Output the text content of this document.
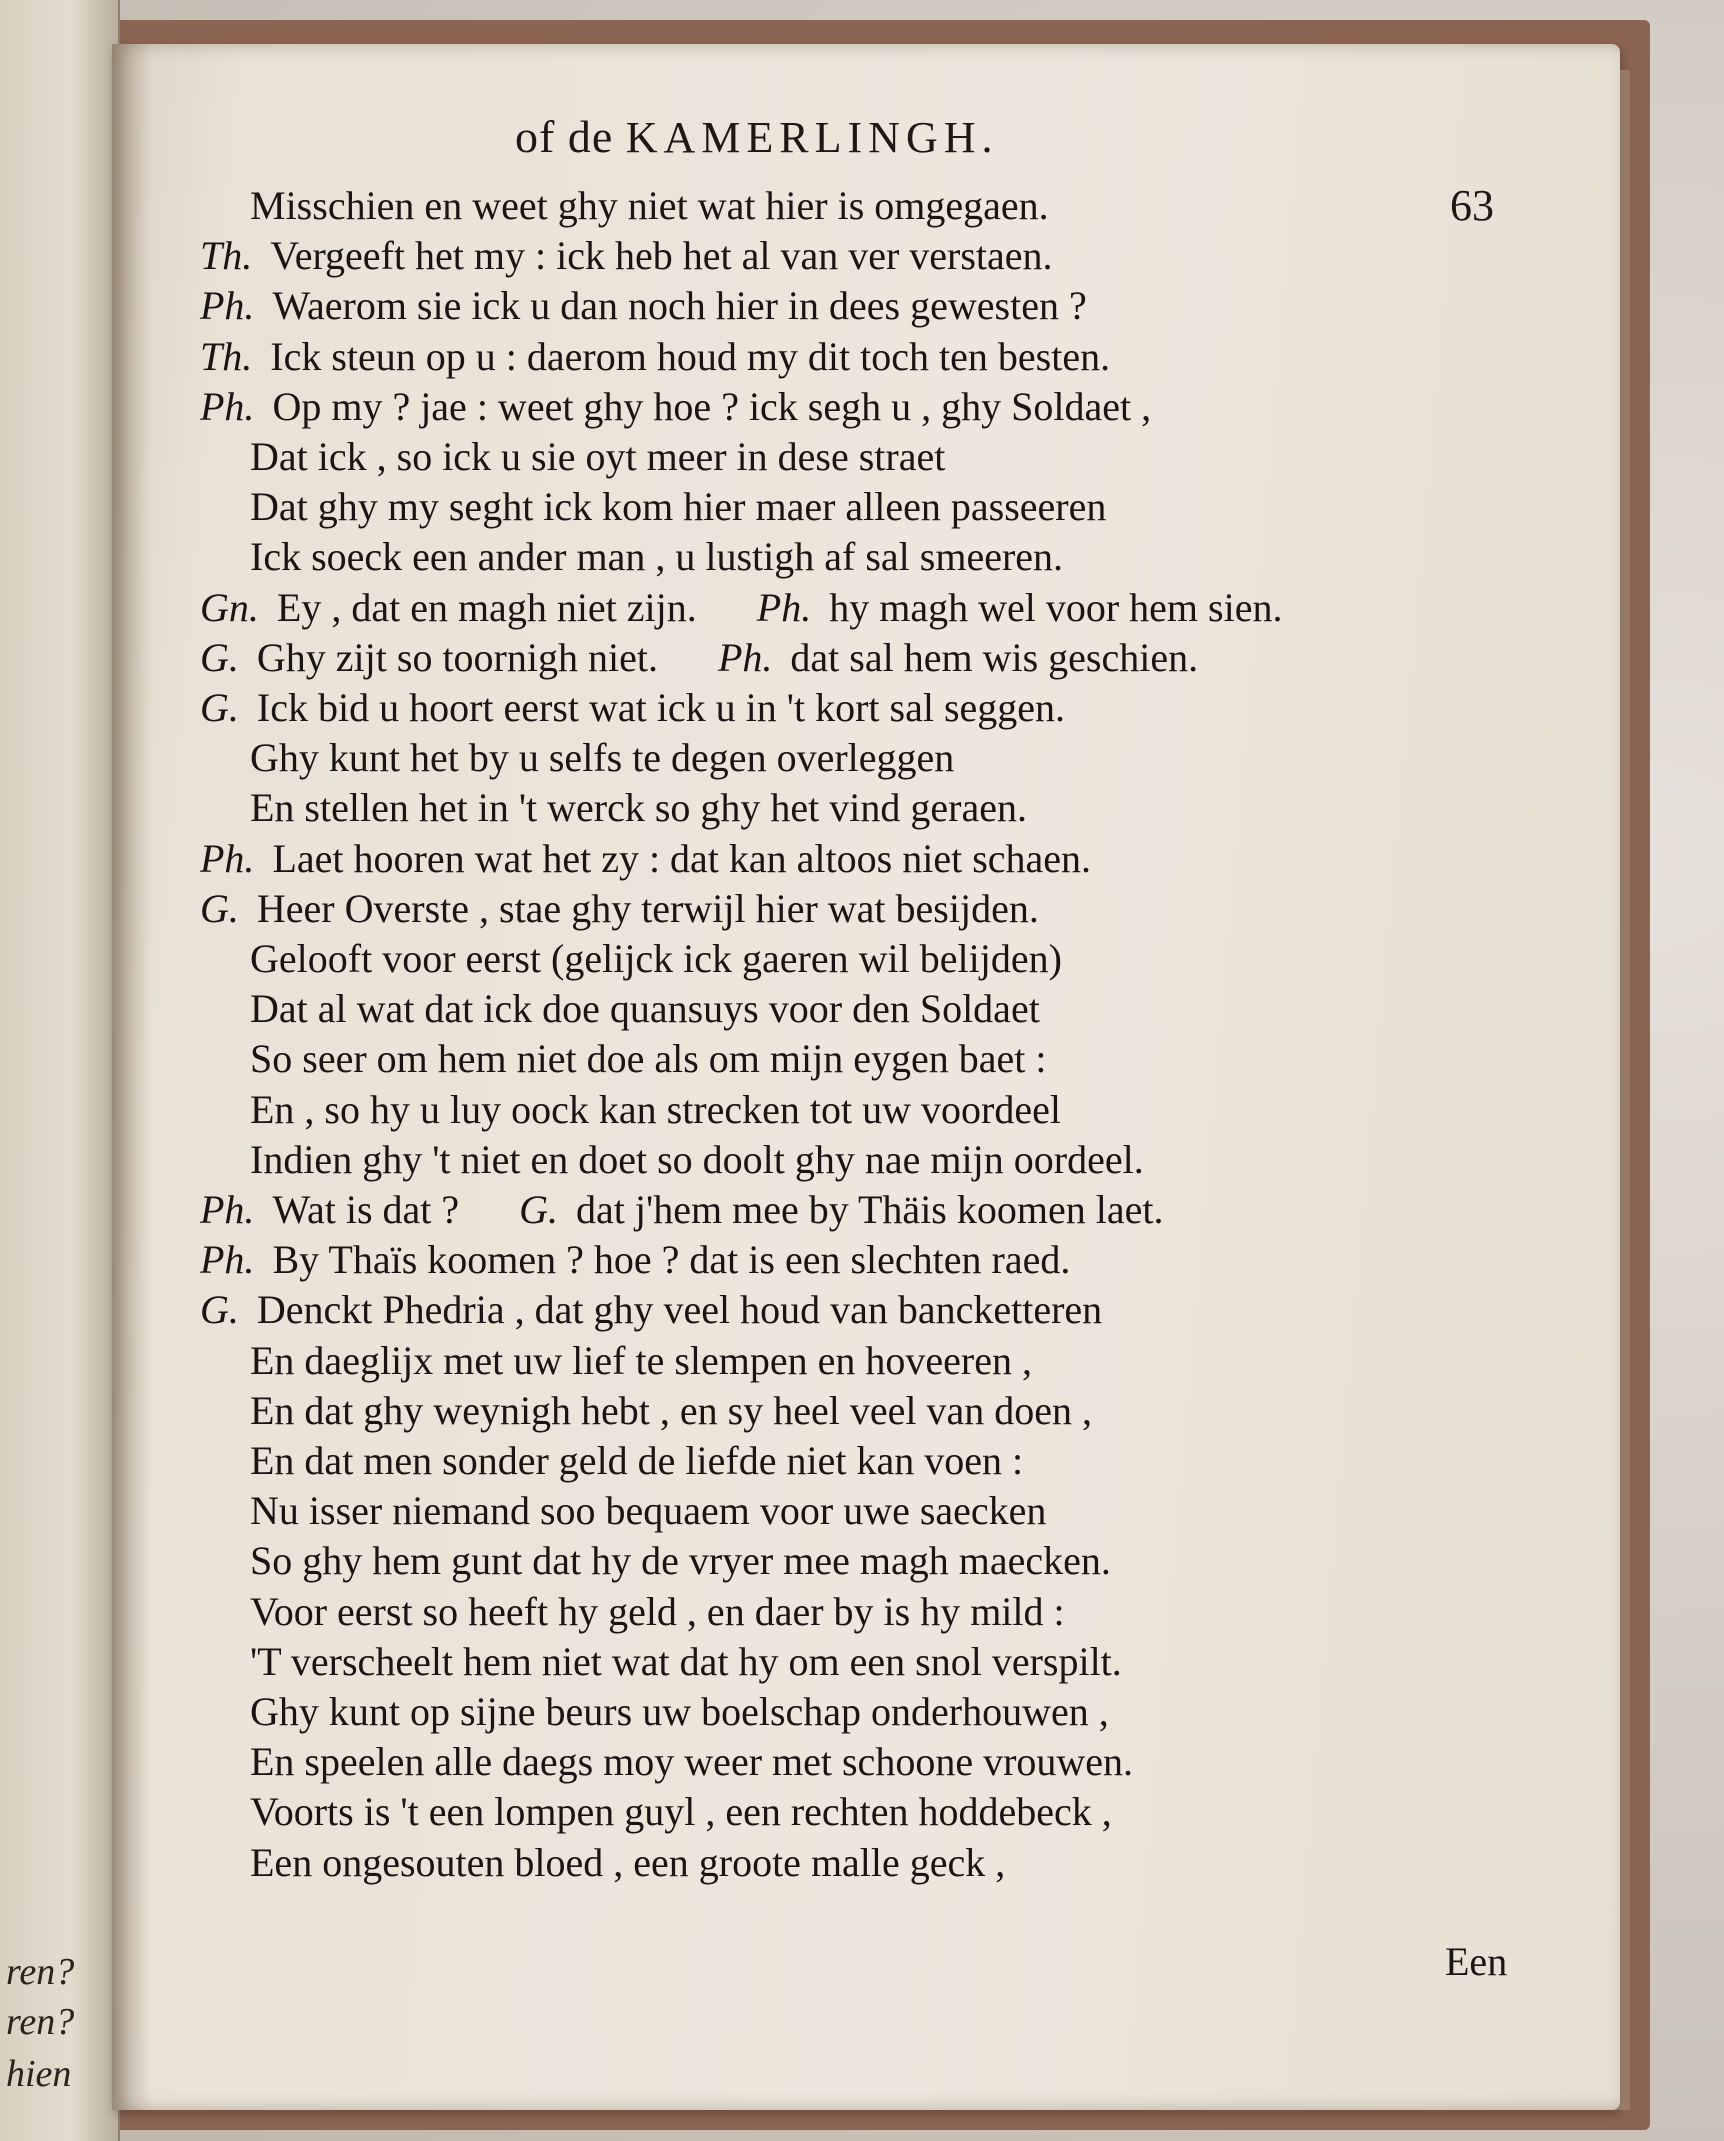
ren?
ren?
hien
of de KAMERLINGH.
63
Misschien en weet ghy niet wat hier is omgegaen.
Th. Vergeeft het my : ick heb het al van ver verstaen.
Ph. Waerom sie ick u dan noch hier in dees gewesten ?
Th. Ick steun op u : daerom houd my dit toch ten besten.
Ph. Op my ? jae : weet ghy hoe ? ick segh u , ghy Soldaet ,
Dat ick , so ick u sie oyt meer in dese straet
Dat ghy my seght ick kom hier maer alleen passeeren
Ick soeck een ander man , u lustigh af sal smeeren.
Gn. Ey , dat en magh niet zijn. Ph. hy magh wel voor hem sien.
G. Ghy zijt so toornigh niet. Ph. dat sal hem wis geschien.
G. Ick bid u hoort eerst wat ick u in 't kort sal seggen.
Ghy kunt het by u selfs te degen overleggen
En stellen het in 't werck so ghy het vind geraen.
Ph. Laet hooren wat het zy : dat kan altoos niet schaen.
G. Heer Overste , stae ghy terwijl hier wat besijden.
Gelooft voor eerst (gelijck ick gaeren wil belijden)
Dat al wat dat ick doe quansuys voor den Soldaet
So seer om hem niet doe als om mijn eygen baet :
En , so hy u luy oock kan strecken tot uw voordeel
Indien ghy 't niet en doet so doolt ghy nae mijn oordeel.
Ph. Wat is dat ? G. dat j'hem mee by Thäis koomen laet.
Ph. By Thaïs koomen ? hoe ? dat is een slechten raed.
G. Denckt Phedria , dat ghy veel houd van bancketteren
En daeglijx met uw lief te slempen en hoveeren ,
En dat ghy weynigh hebt , en sy heel veel van doen ,
En dat men sonder geld de liefde niet kan voen :
Nu isser niemand soo bequaem voor uwe saecken
So ghy hem gunt dat hy de vryer mee magh maecken.
Voor eerst so heeft hy geld , en daer by is hy mild :
'T verscheelt hem niet wat dat hy om een snol verspilt.
Ghy kunt op sijne beurs uw boelschap onderhouwen ,
En speelen alle daegs moy weer met schoone vrouwen.
Voorts is 't een lompen guyl , een rechten hoddebeck ,
Een ongesouten bloed , een groote malle geck ,
Een
